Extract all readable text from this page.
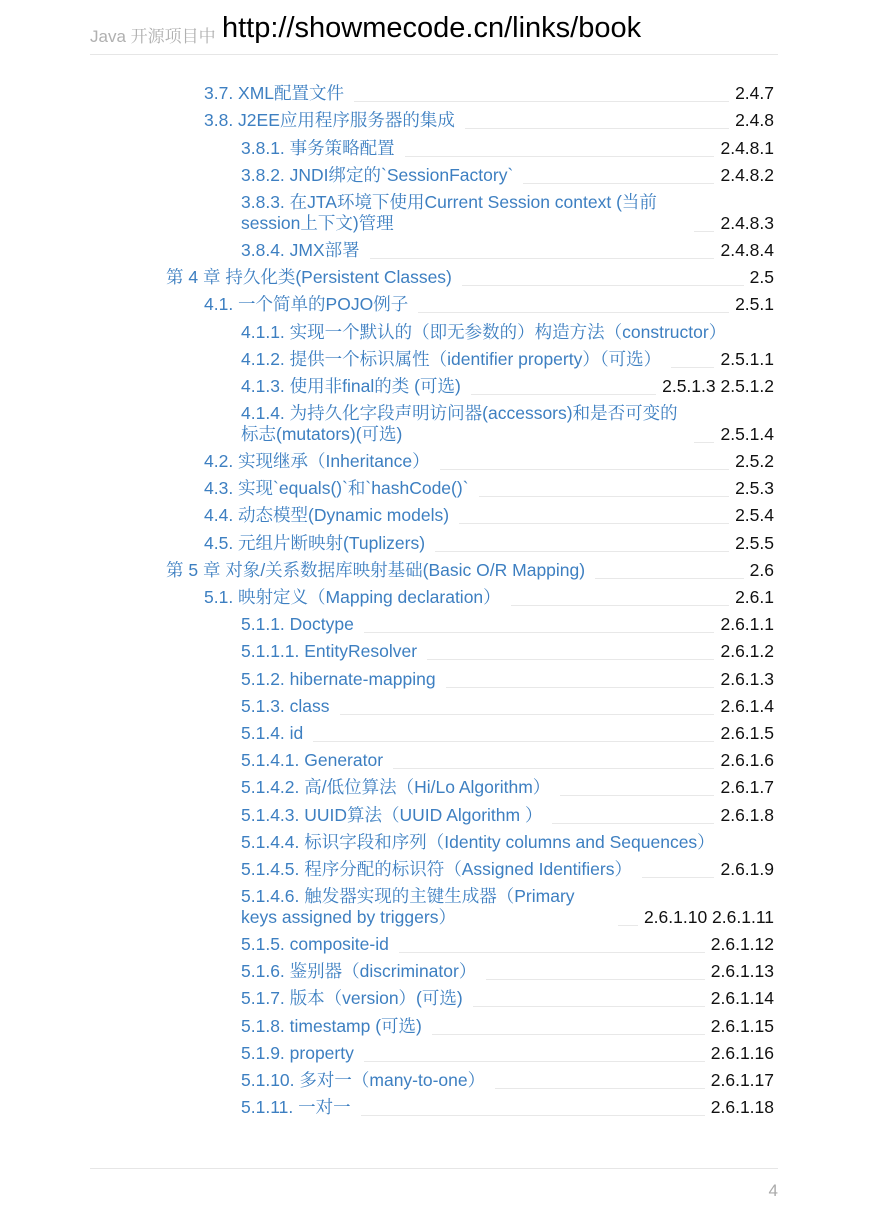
Java 开源项目中 http://showmecode.cn/links/book
3.7. XML配置文件	2.4.7
3.8. J2EE应用程序服务器的集成	2.4.8
3.8.1. 事务策略配置	2.4.8.1
3.8.2. JNDI绑定的`SessionFactory`	2.4.8.2
3.8.3. 在JTA环境下使用Current Session context (当前session上下文)管理	2.4.8.3
3.8.4. JMX部署	2.4.8.4
第 4 章 持久化类(Persistent Classes)	2.5
4.1. 一个简单的POJO例子	2.5.1
4.1.1. 实现一个默认的（即无参数的）构造方法（constructor）
4.1.2. 提供一个标识属性（identifier property）（可选）	2.5.1.1
4.1.3. 使用非final的类 (可选)	2.5.1.3 2.5.1.2
4.1.4. 为持久化字段声明访问器(accessors)和是否可变的标志(mutators)(可选)	2.5.1.4
4.2. 实现继承（Inheritance）	2.5.2
4.3. 实现`equals()`和`hashCode()`	2.5.3
4.4. 动态模型(Dynamic models)	2.5.4
4.5. 元组片断映射(Tuplizers)	2.5.5
第 5 章 对象/关系数据库映射基础(Basic O/R Mapping)	2.6
5.1. 映射定义（Mapping declaration）	2.6.1
5.1.1. Doctype	2.6.1.1
5.1.1.1. EntityResolver	2.6.1.2
5.1.2. hibernate-mapping	2.6.1.3
5.1.3. class	2.6.1.4
5.1.4. id	2.6.1.5
5.1.4.1. Generator	2.6.1.6
5.1.4.2. 高/低位算法（Hi/Lo Algorithm）	2.6.1.7
5.1.4.3. UUID算法（UUID Algorithm ）	2.6.1.8
5.1.4.4. 标识字段和序列（Identity columns and Sequences）
5.1.4.5. 程序分配的标识符（Assigned Identifiers）	2.6.1.9
5.1.4.6. 触发器实现的主键生成器（Primary keys assigned by triggers）	2.6.1.10 2.6.1.11
5.1.5. composite-id	2.6.1.12
5.1.6. 鉴别器（discriminator）	2.6.1.13
5.1.7. 版本（version）(可选)	2.6.1.14
5.1.8. timestamp (可选)	2.6.1.15
5.1.9. property	2.6.1.16
5.1.10. 多对一（many-to-one）	2.6.1.17
5.1.11. 一对一	2.6.1.18
4
